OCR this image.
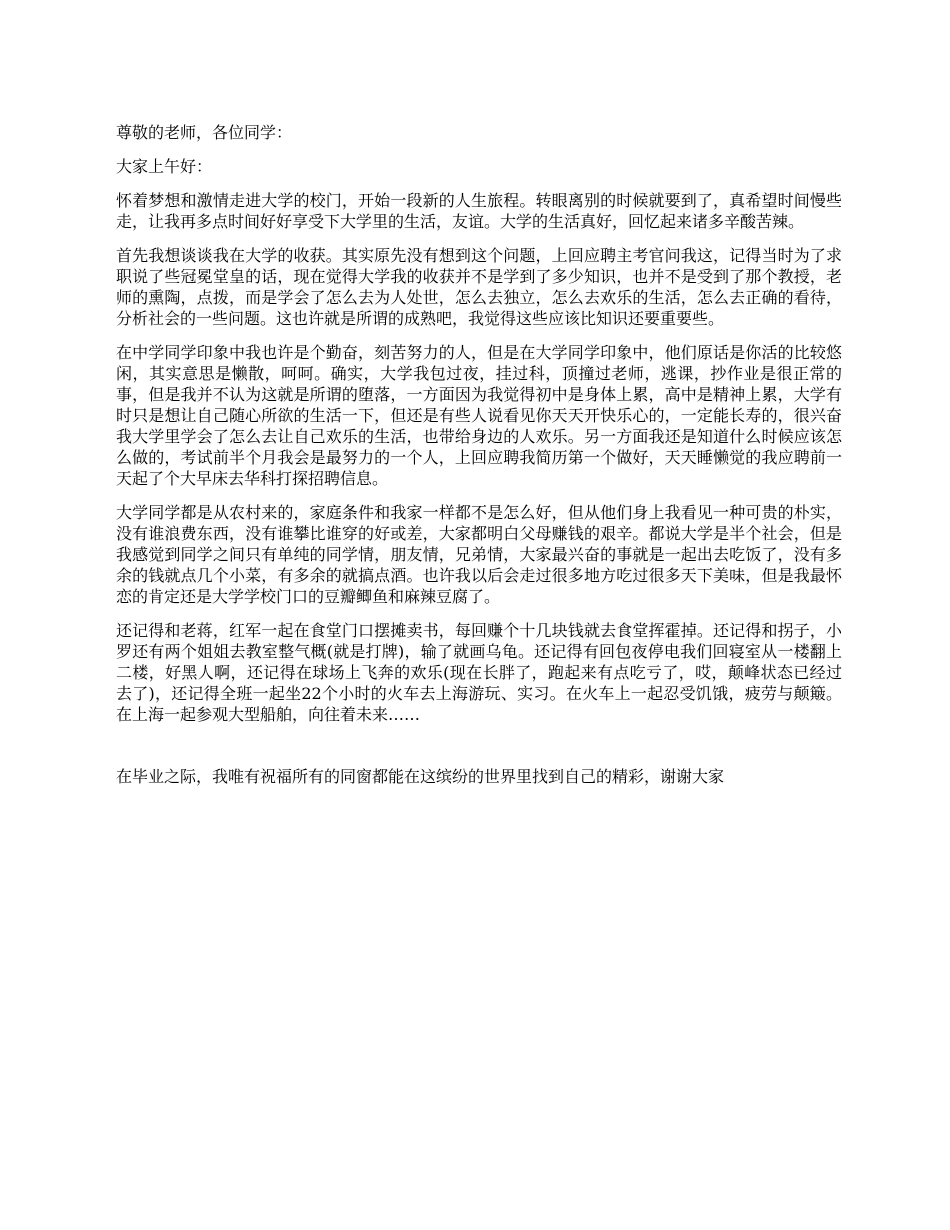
尊敬的老师，各位同学：

大家上午好：

怀着梦想和激情走进大学的校门，开始一段新的人生旅程。转眼离别的时候就要到了，真希望时间慢些走，让我再多点时间好好享受下大学里的生活，友谊。大学的生活真好，回忆起来诸多辛酸苦辣。

首先我想谈谈我在大学的收获。其实原先没有想到这个问题，上回应聘主考官问我这，记得当时为了求职说了些冠冕堂皇的话，现在觉得大学我的收获并不是学到了多少知识，也并不是受到了那个教授，老师的熏陶，点拨，而是学会了怎么去为人处世，怎么去独立，怎么去欢乐的生活，怎么去正确的看待，分析社会的一些问题。这也许就是所谓的成熟吧，我觉得这些应该比知识还要重要些。

在中学同学印象中我也许是个勤奋，刻苦努力的人，但是在大学同学印象中，他们原话是你活的比较悠闲，其实意思是懒散，呵呵。确实，大学我包过夜，挂过科，顶撞过老师，逃课，抄作业是很正常的事，但是我并不认为这就是所谓的堕落，一方面因为我觉得初中是身体上累，高中是精神上累，大学有时只是想让自己随心所欲的生活一下，但还是有些人说看见你天天开快乐心的，一定能长寿的，很兴奋我大学里学会了怎么去让自己欢乐的生活，也带给身边的人欢乐。另一方面我还是知道什么时候应该怎么做的，考试前半个月我会是最努力的一个人，上回应聘我简历第一个做好，天天睡懒觉的我应聘前一天起了个大早床去华科打探招聘信息。

大学同学都是从农村来的，家庭条件和我家一样都不是怎么好，但从他们身上我看见一种可贵的朴实，没有谁浪费东西，没有谁攀比谁穿的好或差，大家都明白父母赚钱的艰辛。都说大学是半个社会，但是我感觉到同学之间只有单纯的同学情，朋友情，兄弟情，大家最兴奋的事就是一起出去吃饭了，没有多余的钱就点几个小菜，有多余的就搞点酒。也许我以后会走过很多地方吃过很多天下美味，但是我最怀恋的肯定还是大学学校门口的豆瓣鲫鱼和麻辣豆腐了。

还记得和老蒋，红军一起在食堂门口摆摊卖书，每回赚个十几块钱就去食堂挥霍掉。还记得和拐子，小罗还有两个姐姐去教室整气概(就是打牌)，输了就画乌龟。还记得有回包夜停电我们回寝室从一楼翻上二楼，好黑人啊，还记得在球场上飞奔的欢乐(现在长胖了，跑起来有点吃亏了，哎，颠峰状态已经过去了)，还记得全班一起坐22个小时的火车去上海游玩、实习。在火车上一起忍受饥饿，疲劳与颠簸。在上海一起参观大型船舶，向往着未来……

在毕业之际，我唯有祝福所有的同窗都能在这缤纷的世界里找到自己的精彩，谢谢大家
